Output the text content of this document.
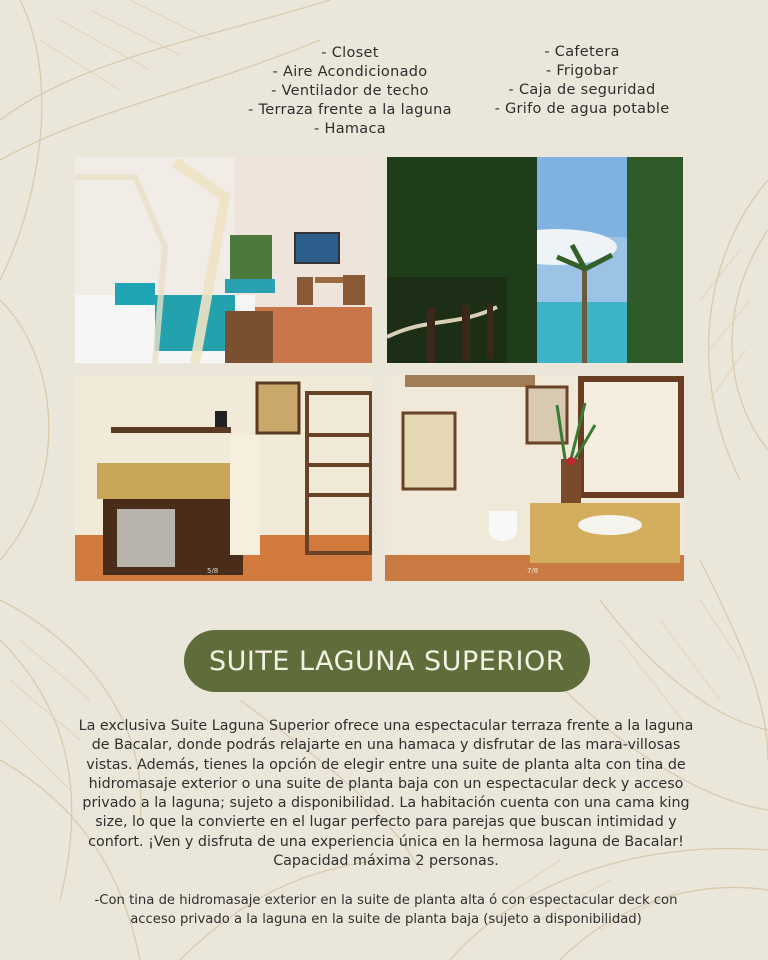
- Closet
- Aire Acondicionado
- Ventilador de techo
- Terraza frente a la laguna
- Hamaca
- Cafetera
- Frigobar
- Caja de seguridad
- Grifo de agua potable
5/8	7/8
SUITE LAGUNA SUPERIOR

La exclusiva Suite Laguna Superior ofrece una espectacular terraza frente a la laguna de Bacalar, donde podrás relajarte en una hamaca y disfrutar de las mara-villosas vistas. Además, tienes la opción de elegir entre una suite de planta alta con tina de hidromasaje exterior o una suite de planta baja con un espectacular deck y acceso privado a la laguna; sujeto a disponibilidad. La habitación cuenta con una cama king size, lo que la convierte en el lugar perfecto para parejas que buscan intimidad y confort. ¡Ven y disfruta de una experiencia única en la hermosa laguna de Bacalar! Capacidad máxima 2 personas.

-Con tina de hidromasaje exterior en la suite de planta alta ó con espectacular deck con acceso privado a la laguna en la suite de planta baja (sujeto a disponibilidad)
